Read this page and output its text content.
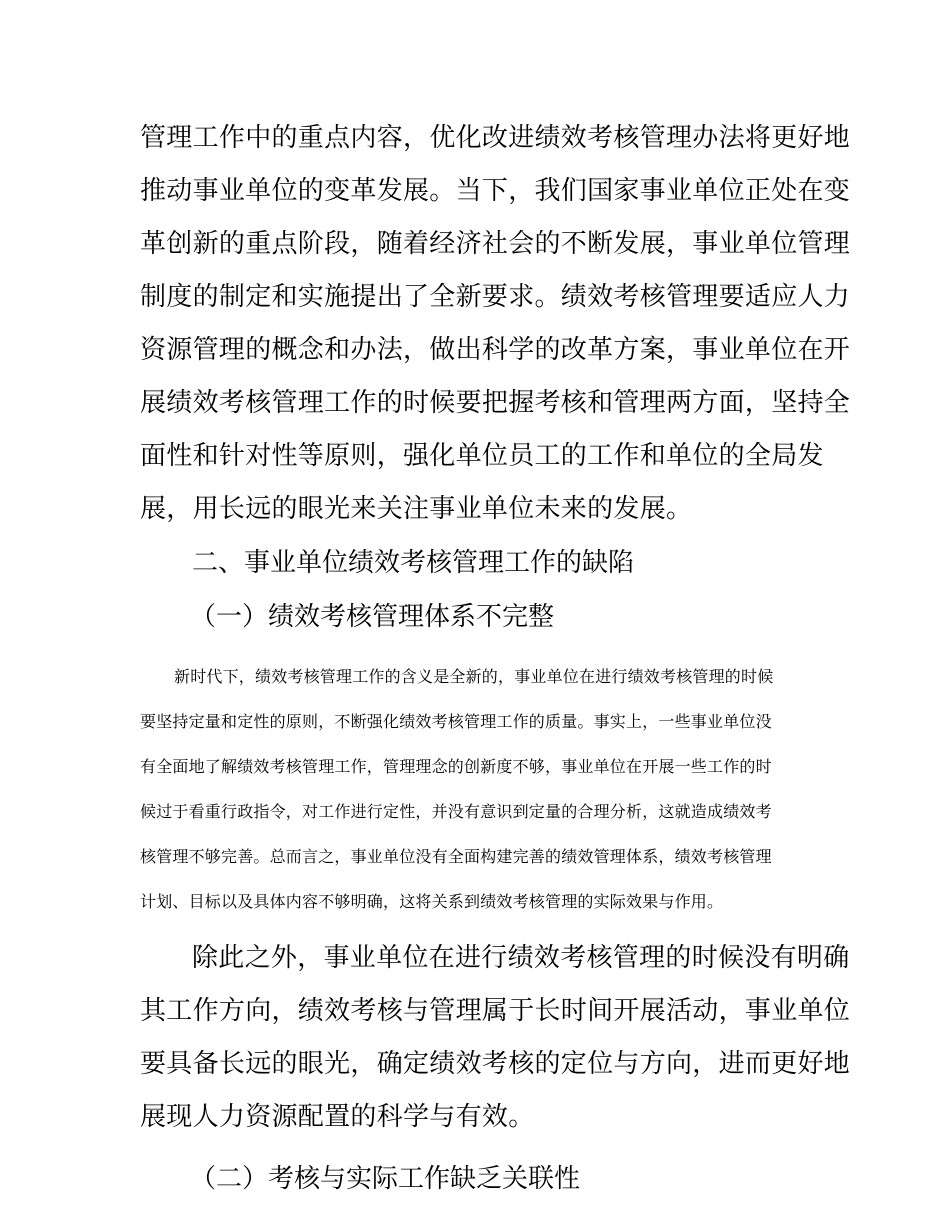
管理工作中的重点内容，优化改进绩效考核管理办法将更好地
推动事业单位的变革发展。当下，我们国家事业单位正处在变
革创新的重点阶段，随着经济社会的不断发展，事业单位管理
制度的制定和实施提出了全新要求。绩效考核管理要适应人力
资源管理的概念和办法，做出科学的改革方案，事业单位在开
展绩效考核管理工作的时候要把握考核和管理两方面，坚持全
面性和针对性等原则，强化单位员工的工作和单位的全局发
展，用长远的眼光来关注事业单位未来的发展。
二、事业单位绩效考核管理工作的缺陷
（一）绩效考核管理体系不完整
新时代下，绩效考核管理工作的含义是全新的，事业单位在进行绩效考核管理的时候
要坚持定量和定性的原则，不断强化绩效考核管理工作的质量。事实上，一些事业单位没
有全面地了解绩效考核管理工作，管理理念的创新度不够，事业单位在开展一些工作的时
候过于看重行政指令，对工作进行定性，并没有意识到定量的合理分析，这就造成绩效考
核管理不够完善。总而言之，事业单位没有全面构建完善的绩效管理体系，绩效考核管理
计划、目标以及具体内容不够明确，这将关系到绩效考核管理的实际效果与作用。
除此之外，事业单位在进行绩效考核管理的时候没有明确
其工作方向，绩效考核与管理属于长时间开展活动，事业单位
要具备长远的眼光，确定绩效考核的定位与方向，进而更好地
展现人力资源配置的科学与有效。
（二）考核与实际工作缺乏关联性
